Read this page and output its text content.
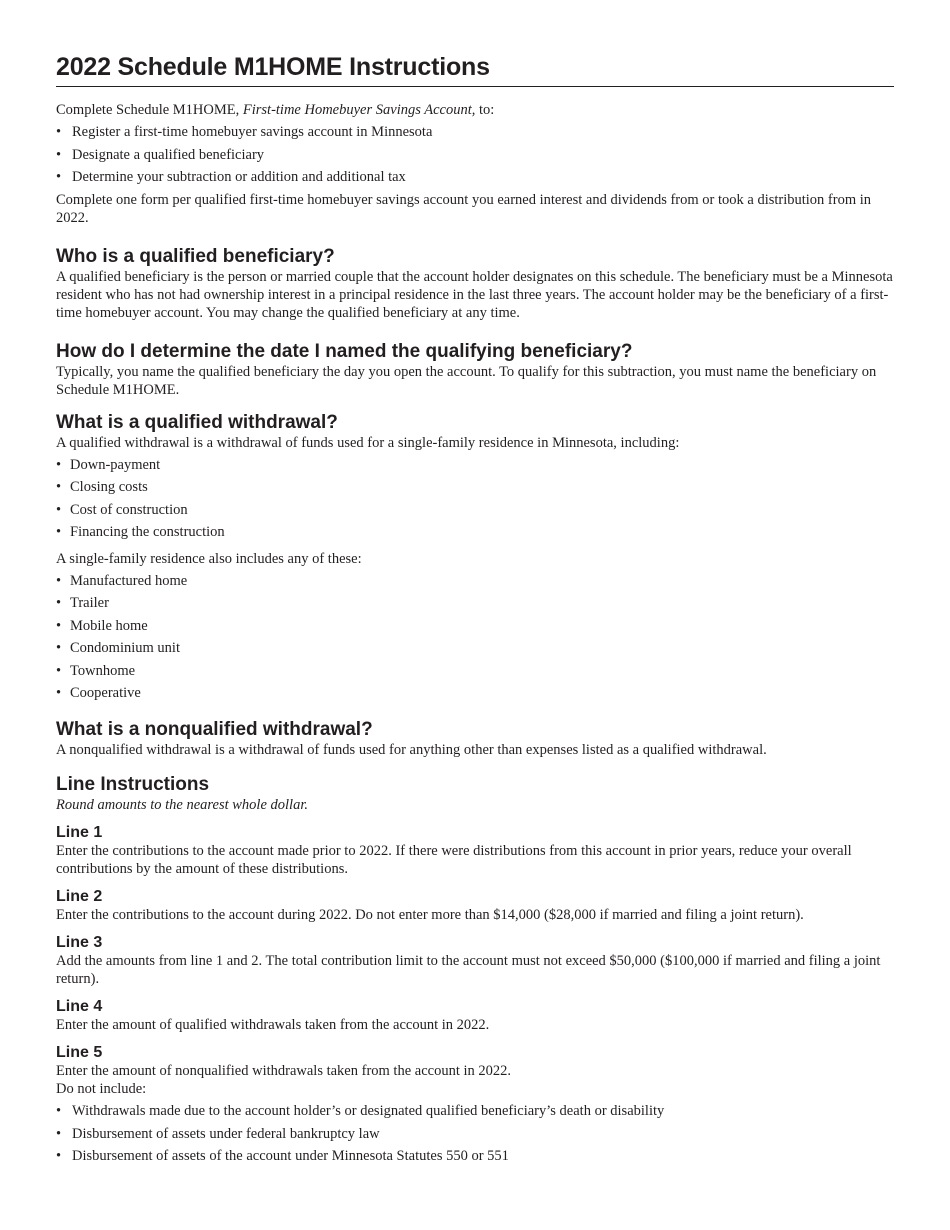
2022 Schedule M1HOME Instructions

Complete Schedule M1HOME, First-time Homebuyer Savings Account, to:

• Register a first-time homebuyer savings account in Minnesota
• Designate a qualified beneficiary
• Determine your subtraction or addition and additional tax

Complete one form per qualified first-time homebuyer savings account you earned interest and dividends from or took a distribution from in 2022.

Who is a qualified beneficiary?

A qualified beneficiary is the person or married couple that the account holder designates on this schedule. The beneficiary must be a Minnesota resident who has not had ownership interest in a principal residence in the last three years. The account holder may be the beneficiary of a first-time homebuyer account. You may change the qualified beneficiary at any time.

How do I determine the date I named the qualifying beneficiary?

Typically, you name the qualified beneficiary the day you open the account. To qualify for this subtraction, you must name the beneficiary on Schedule M1HOME.

What is a qualified withdrawal?

A qualified withdrawal is a withdrawal of funds used for a single-family residence in Minnesota, including:

• Down-payment
• Closing costs
• Cost of construction
• Financing the construction

A single-family residence also includes any of these:

• Manufactured home
• Trailer
• Mobile home
• Condominium unit
• Townhome
• Cooperative
What is a nonqualified withdrawal?

A nonqualified withdrawal is a withdrawal of funds used for anything other than expenses listed as a qualified withdrawal.

Line Instructions

Round amounts to the nearest whole dollar.

Line 1

Enter the contributions to the account made prior to 2022. If there were distributions from this account in prior years, reduce your overall contributions by the amount of these distributions.

Line 2

Enter the contributions to the account during 2022. Do not enter more than $14,000 ($28,000 if married and filing a joint return).

Line 3

Add the amounts from line 1 and 2. The total contribution limit to the account must not exceed $50,000 ($100,000 if married and filing a joint return).

Line 4

Enter the amount of qualified withdrawals taken from the account in 2022.

Line 5

Enter the amount of nonqualified withdrawals taken from the account in 2022.

Do not include:

• Withdrawals made due to the account holder’s or designated qualified beneficiary’s death or disability
• Disbursement of assets under federal bankruptcy law
• Disbursement of assets of the account under Minnesota Statutes 550 or 551
